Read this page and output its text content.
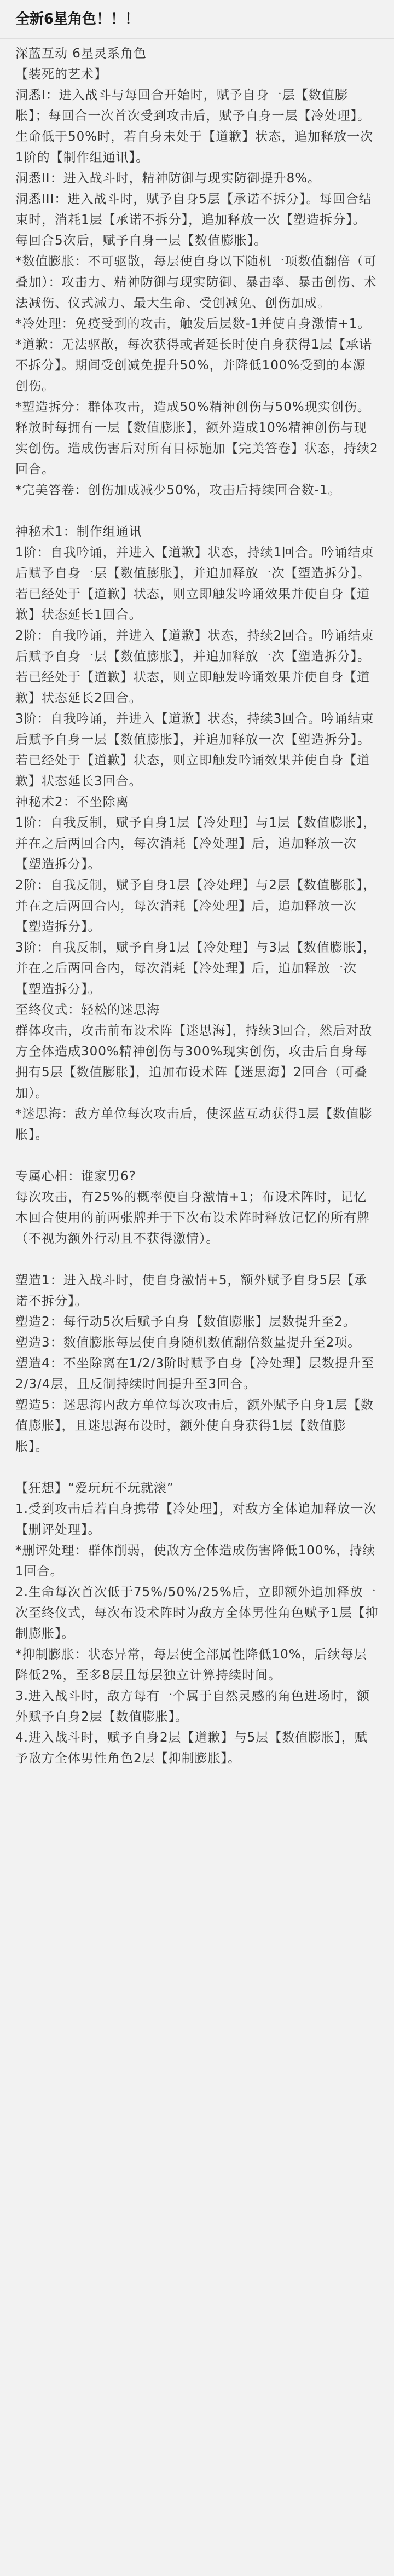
全新6星角色！！！
深蓝互动 6星灵系角色
【装死的艺术】
洞悉I：进入战斗与每回合开始时，赋予自身一层【数值膨胀】；每回合一次首次受到攻击后，赋予自身一层【冷处理】。生命低于50%时，若自身未处于【道歉】状态，追加释放一次1阶的【制作组通讯】。
洞悉II：进入战斗时，精神防御与现实防御提升8%。
洞悉III：进入战斗时，赋予自身5层【承诺不拆分】。每回合结束时，消耗1层【承诺不拆分】，追加释放一次【塑造拆分】。每回合5次后，赋予自身一层【数值膨胀】。
*数值膨胀：不可驱散，每层使自身以下随机一项数值翻倍（可叠加）：攻击力、精神防御与现实防御、暴击率、暴击创伤、术法减伤、仪式减力、最大生命、受创减免、创伤加成。
*冷处理：免疫受到的攻击，触发后层数-1并使自身激情+1。
*道歉：无法驱散，每次获得或者延长时使自身获得1层【承诺不拆分】。期间受创减免提升50%，并降低100%受到的本源创伤。
*塑造拆分：群体攻击，造成50%精神创伤与50%现实创伤。释放时每拥有一层【数值膨胀】，额外造成10%精神创伤与现实创伤。造成伤害后对所有目标施加【完美答卷】状态，持续2回合。
*完美答卷：创伤加成减少50%，攻击后持续回合数-1。
神秘术1：制作组通讯
1阶：自我吟诵，并进入【道歉】状态，持续1回合。吟诵结束后赋予自身一层【数值膨胀】，并追加释放一次【塑造拆分】。若已经处于【道歉】状态，则立即触发吟诵效果并使自身【道歉】状态延长1回合。
2阶：自我吟诵，并进入【道歉】状态，持续2回合。吟诵结束后赋予自身一层【数值膨胀】，并追加释放一次【塑造拆分】。若已经处于【道歉】状态，则立即触发吟诵效果并使自身【道歉】状态延长2回合。
3阶：自我吟诵，并进入【道歉】状态，持续3回合。吟诵结束后赋予自身一层【数值膨胀】，并追加释放一次【塑造拆分】。若已经处于【道歉】状态，则立即触发吟诵效果并使自身【道歉】状态延长3回合。
神秘术2：不坐除离
1阶：自我反制，赋予自身1层【冷处理】与1层【数值膨胀】，并在之后两回合内，每次消耗【冷处理】后，追加释放一次【塑造拆分】。
2阶：自我反制，赋予自身1层【冷处理】与2层【数值膨胀】，并在之后两回合内，每次消耗【冷处理】后，追加释放一次【塑造拆分】。
3阶：自我反制，赋予自身1层【冷处理】与3层【数值膨胀】，并在之后两回合内，每次消耗【冷处理】后，追加释放一次【塑造拆分】。
至终仪式：轻松的迷思海
群体攻击，攻击前布设术阵【迷思海】，持续3回合，然后对敌方全体造成300%精神创伤与300%现实创伤，攻击后自身每拥有5层【数值膨胀】，追加布设术阵【迷思海】2回合（可叠加）。
*迷思海：敌方单位每次攻击后，使深蓝互动获得1层【数值膨胀】。
专属心相：谁家男6?
每次攻击，有25%的概率使自身激情+1；布设术阵时，记忆本回合使用的前两张牌并于下次布设术阵时释放记忆的所有牌（不视为额外行动且不获得激情）。
塑造1：进入战斗时，使自身激情+5，额外赋予自身5层【承诺不拆分】。
塑造2：每行动5次后赋予自身【数值膨胀】层数提升至2。
塑造3：数值膨胀每层使自身随机数值翻倍数量提升至2项。
塑造4：不坐除离在1/2/3阶时赋予自身【冷处理】层数提升至2/3/4层，且反制持续时间提升至3回合。
塑造5：迷思海内敌方单位每次攻击后，额外赋予自身1层【数值膨胀】，且迷思海布设时，额外使自身获得1层【数值膨胀】。
【狂想】“爱玩玩不玩就滚”
1.受到攻击后若自身携带【冷处理】，对敌方全体追加释放一次【删评处理】。
*删评处理：群体削弱，使敌方全体造成伤害降低100%，持续1回合。
2.生命每次首次低于75%/50%/25%后，立即额外追加释放一次至终仪式，每次布设术阵时为敌方全体男性角色赋予1层【抑制膨胀】。
*抑制膨胀：状态异常，每层使全部属性降低10%，后续每层降低2%，至多8层且每层独立计算持续时间。
3.进入战斗时，敌方每有一个属于自然灵感的角色进场时，额外赋予自身2层【数值膨胀】。
4.进入战斗时，赋予自身2层【道歉】与5层【数值膨胀】，赋予敌方全体男性角色2层【抑制膨胀】。
